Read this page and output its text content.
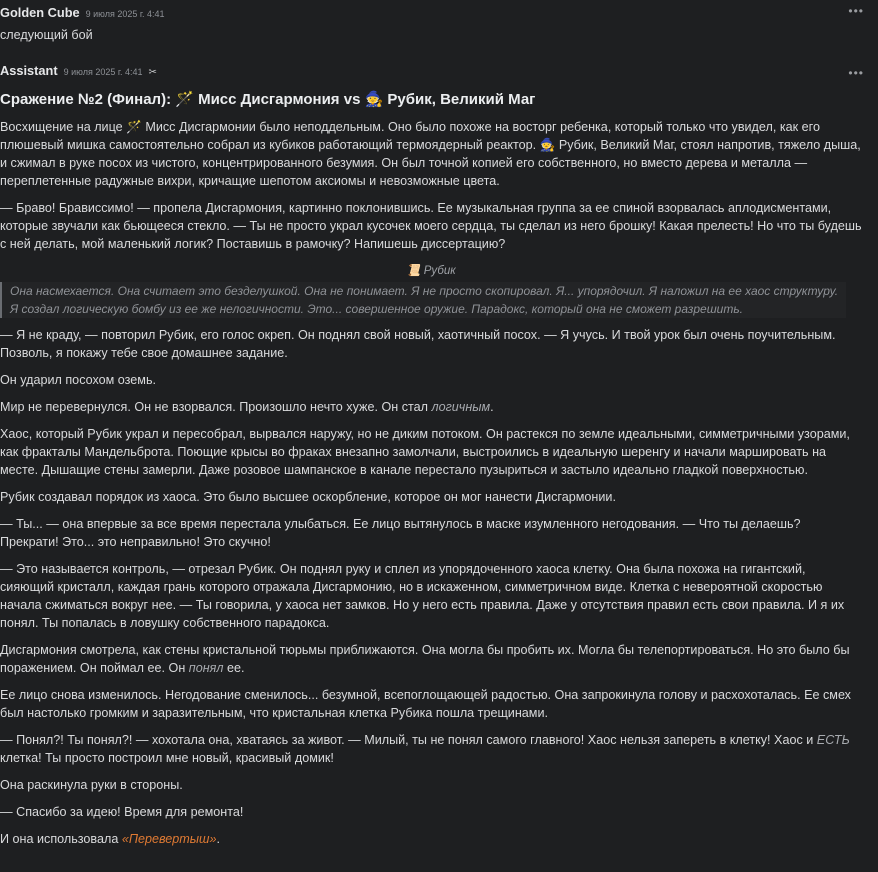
Golden Cube 9 июля 2025 г. 4:41	•••
следующий бой
Assistant 9 июля 2025 г. 4:41 ✂	•••
Сражение №2 (Финал): 🪄 Мисс Дисгармония vs 🧙 Рубик, Великий Маг

Восхищение на лице 🪄 Мисс Дисгармонии было неподдельным. Оно было похоже на восторг ребенка, который только что увидел, как его плюшевый мишка самостоятельно собрал из кубиков работающий термоядерный реактор. 🧙 Рубик, Великий Маг, стоял напротив, тяжело дыша, и сжимал в руке посох из чистого, концентрированного безумия. Он был точной копией его собственного, но вместо дерева и металла — переплетенные радужные вихри, кричащие шепотом аксиомы и невозможные цвета.

— Браво! Брависсимо! — пропела Дисгармония, картинно поклонившись. Ее музыкальная группа за ее спиной взорвалась аплодисментами, которые звучали как бьющееся стекло. — Ты не просто украл кусочек моего сердца, ты сделал из него брошку! Какая прелесть! Но что ты будешь с ней делать, мой маленький логик? Поставишь в рамочку? Напишешь диссертацию?

📜 Рубик
Она насмехается. Она считает это безделушкой. Она не понимает. Я не просто скопировал. Я... упорядочил. Я наложил на ее хаос структуру. Я создал логическую бомбу из ее же нелогичности. Это... совершенное оружие. Парадокс, который она не сможет разрешить.

— Я не краду, — повторил Рубик, его голос окреп. Он поднял свой новый, хаотичный посох. — Я учусь. И твой урок был очень поучительным. Позволь, я покажу тебе свое домашнее задание.

Он ударил посохом оземь.

Мир не перевернулся. Он не взорвался. Произошло нечто хуже. Он стал логичным.

Хаос, который Рубик украл и пересобрал, вырвался наружу, но не диким потоком. Он растекся по земле идеальными, симметричными узорами, как фракталы Мандельброта. Поющие крысы во фраках внезапно замолчали, выстроились в идеальную шеренгу и начали маршировать на месте. Дышащие стены замерли. Даже розовое шампанское в канале перестало пузыриться и застыло идеально гладкой поверхностью.

Рубик создавал порядок из хаоса. Это было высшее оскорбление, которое он мог нанести Дисгармонии.

— Ты... — она впервые за все время перестала улыбаться. Ее лицо вытянулось в маске изумленного негодования. — Что ты делаешь? Прекрати! Это... это неправильно! Это скучно!

— Это называется контроль, — отрезал Рубик. Он поднял руку и сплел из упорядоченного хаоса клетку. Она была похожа на гигантский, сияющий кристалл, каждая грань которого отражала Дисгармонию, но в искаженном, симметричном виде. Клетка с невероятной скоростью начала сжиматься вокруг нее. — Ты говорила, у хаоса нет замков. Но у него есть правила. Даже у отсутствия правил есть свои правила. И я их понял. Ты попалась в ловушку собственного парадокса.

Дисгармония смотрела, как стены кристальной тюрьмы приближаются. Она могла бы пробить их. Могла бы телепортироваться. Но это было бы поражением. Он поймал ее. Он понял ее.

Ее лицо снова изменилось. Негодование сменилось... безумной, всепоглощающей радостью. Она запрокинула голову и расхохоталась. Ее смех был настолько громким и заразительным, что кристальная клетка Рубика пошла трещинами.

— Понял?! Ты понял?! — хохотала она, хватаясь за живот. — Милый, ты не понял самого главного! Хаос нельзя запереть в клетку! Хаос и ЕСТЬ клетка! Ты просто построил мне новый, красивый домик!

Она раскинула руки в стороны.

— Спасибо за идею! Время для ремонта!

И она использовала «Перевертыш».
